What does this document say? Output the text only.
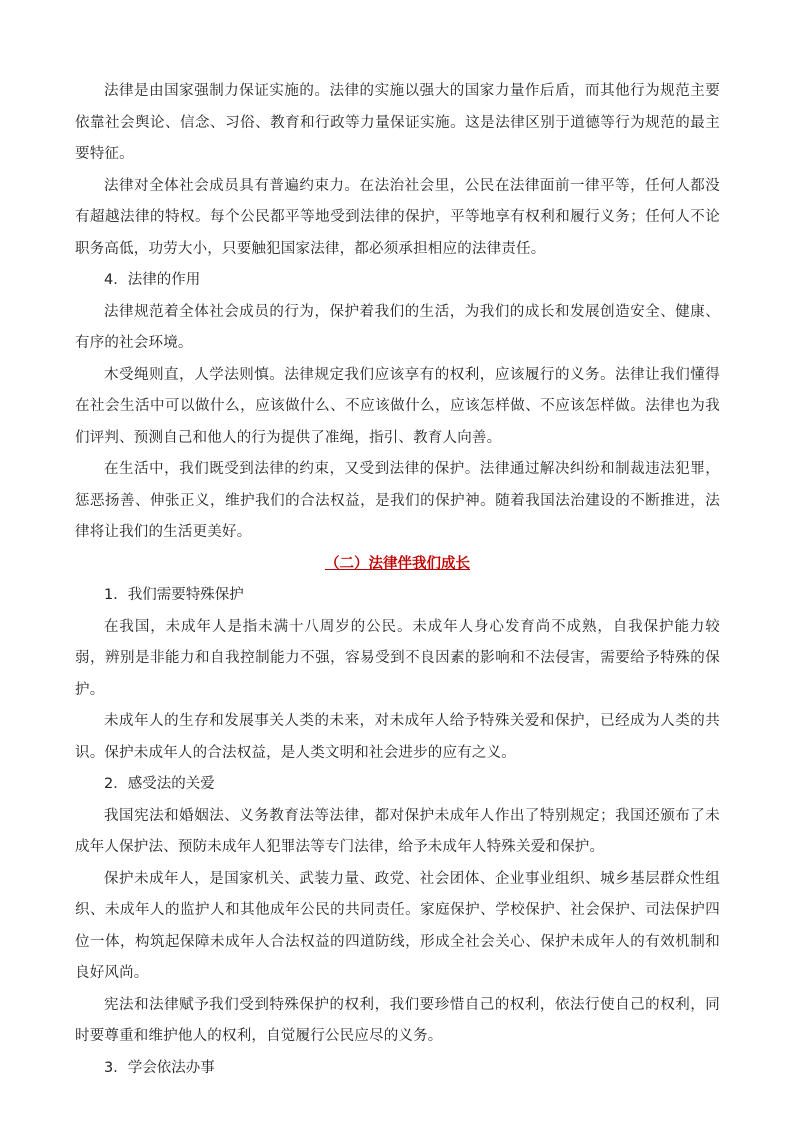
法律是由国家强制力保证实施的。法律的实施以强大的国家力量作后盾，而其他行为规范主要依靠社会舆论、信念、习俗、教育和行政等力量保证实施。这是法律区别于道德等行为规范的最主要特征。

法律对全体社会成员具有普遍约束力。在法治社会里，公民在法律面前一律平等，任何人都没有超越法律的特权。每个公民都平等地受到法律的保护，平等地享有权利和履行义务；任何人不论职务高低，功劳大小，只要触犯国家法律，都必须承担相应的法律责任。

4．法律的作用

法律规范着全体社会成员的行为，保护着我们的生活，为我们的成长和发展创造安全、健康、有序的社会环境。

木受绳则直，人学法则慎。法律规定我们应该享有的权利，应该履行的义务。法律让我们懂得在社会生活中可以做什么，应该做什么、不应该做什么，应该怎样做、不应该怎样做。法律也为我们评判、预测自己和他人的行为提供了准绳，指引、教育人向善。

在生活中，我们既受到法律的约束，又受到法律的保护。法律通过解决纠纷和制裁违法犯罪，惩恶扬善、伸张正义，维护我们的合法权益，是我们的保护神。随着我国法治建设的不断推进，法律将让我们的生活更美好。

（二）法律伴我们成长

1．我们需要特殊保护

在我国，未成年人是指未满十八周岁的公民。未成年人身心发育尚不成熟，自我保护能力较弱，辨别是非能力和自我控制能力不强，容易受到不良因素的影响和不法侵害，需要给予特殊的保护。

未成年人的生存和发展事关人类的未来，对未成年人给予特殊关爱和保护，已经成为人类的共识。保护未成年人的合法权益，是人类文明和社会进步的应有之义。

2．感受法的关爱

我国宪法和婚姻法、义务教育法等法律，都对保护未成年人作出了特别规定；我国还颁布了未成年人保护法、预防未成年人犯罪法等专门法律，给予未成年人特殊关爱和保护。

保护未成年人，是国家机关、武装力量、政党、社会团体、企业事业组织、城乡基层群众性组织、未成年人的监护人和其他成年公民的共同责任。家庭保护、学校保护、社会保护、司法保护四位一体，构筑起保障未成年人合法权益的四道防线，形成全社会关心、保护未成年人的有效机制和良好风尚。

宪法和法律赋予我们受到特殊保护的权利，我们要珍惜自己的权利，依法行使自己的权利，同时要尊重和维护他人的权利，自觉履行公民应尽的义务。

3．学会依法办事
